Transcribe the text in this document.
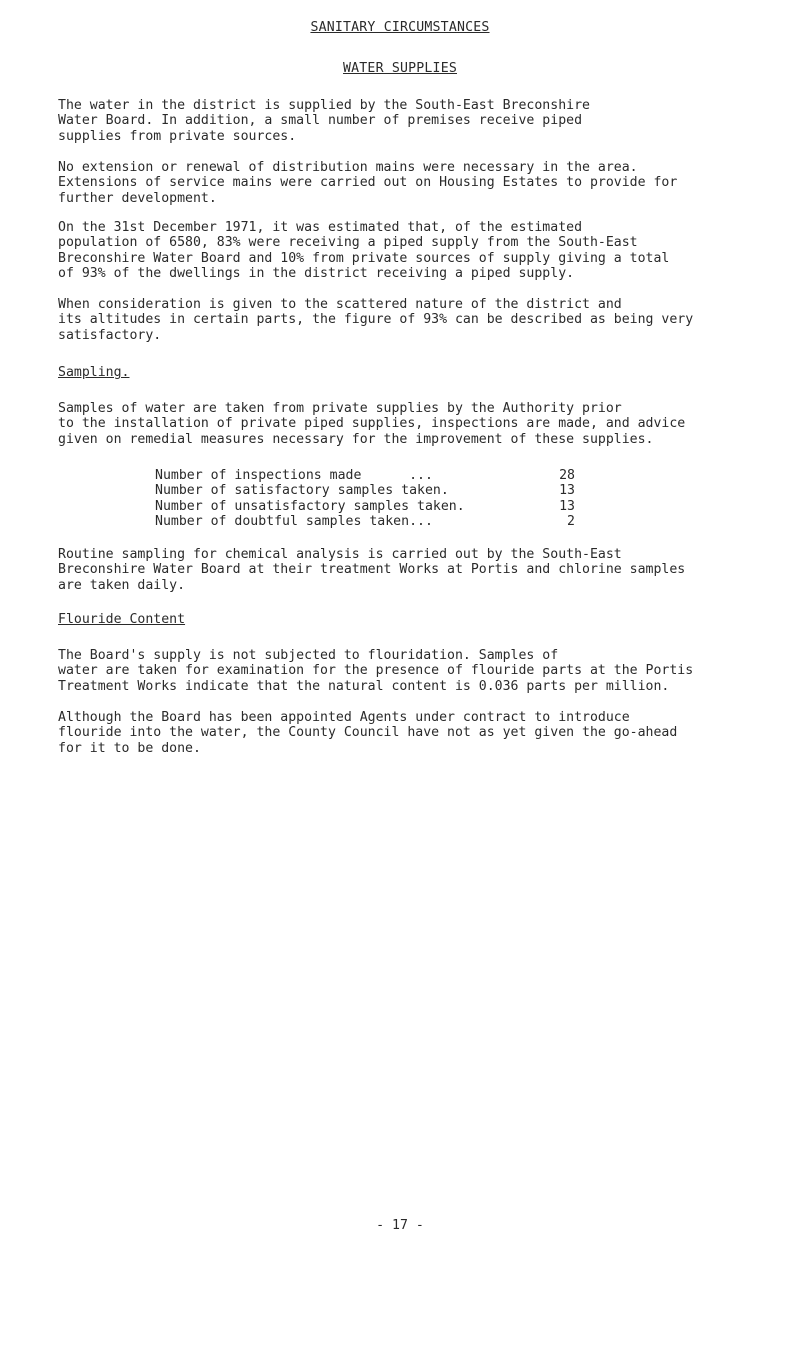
SANITARY CIRCUMSTANCES
WATER SUPPLIES

The water in the district is supplied by the South-East Breconshire
Water Board. In addition, a small number of premises receive piped
supplies from private sources.

No extension or renewal of distribution mains were necessary in the area.
Extensions of service mains were carried out on Housing Estates to provide for
further development.

On the 31st December 1971, it was estimated that, of the estimated
population of 6580, 83% were receiving a piped supply from the South-East
Breconshire Water Board and 10% from private sources of supply giving a total
of 93% of the dwellings in the district receiving a piped supply.

When consideration is given to the scattered nature of the district and
its altitudes in certain parts, the figure of 93% can be described as being very
satisfactory.

Sampling.

Samples of water are taken from private supplies by the Authority prior
to the installation of private piped supplies, inspections are made, and advice
given on remedial measures necessary for the improvement of these supplies.

Number of inspections made      ...	28
Number of satisfactory samples taken.	13
Number of unsatisfactory samples taken.	13
Number of doubtful samples taken...	2

Routine sampling for chemical analysis is carried out by the South-East
Breconshire Water Board at their treatment Works at Portis and chlorine samples
are taken daily.

Flouride Content

The Board's supply is not subjected to flouridation. Samples of
water are taken for examination for the presence of flouride parts at the Portis
Treatment Works indicate that the natural content is 0.036 parts per million.

Although the Board has been appointed Agents under contract to introduce
flouride into the water, the County Council have not as yet given the go-ahead
for it to be done.

- 17 -
